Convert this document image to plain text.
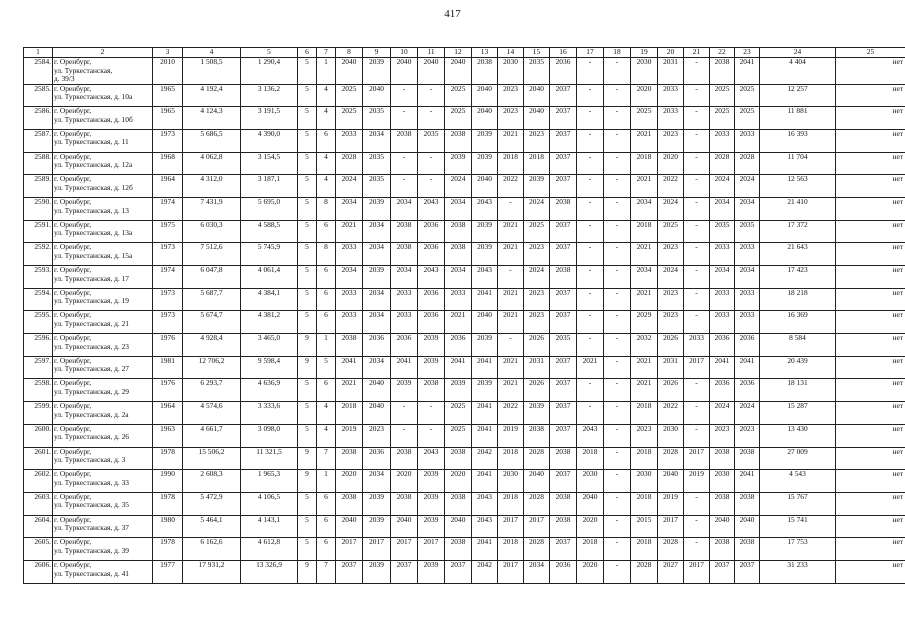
417
1	2	3	4	5	6	7	8	9	10	11	12	13	14	15	16	17	18	19	20	21	22	23	24	25
2584.	г. Оренбург,
ул. Туркестанская,
д. 39/3	2010	1 508,5	1 290,4	5	1	2040	2039	2040	2040	2040	2038	2030	2035	2036	-	-	2030	2031	-	2038	2041	4 404	нет
2585.	г. Оренбург,
ул. Туркестанская, д. 10а	1965	4 192,4	3 136,2	5	4	2025	2040	-	-	2025	2040	2023	2040	2037	-	-	2020	2033	-	2025	2025	12 257	нет
2586.	г. Оренбург,
ул. Туркестанская, д. 10б	1965	4 124,3	3 191,5	5	4	2025	2035	-	-	2025	2040	2023	2040	2037	-	-	2025	2033	-	2025	2025	11 881	нет
2587.	г. Оренбург,
ул. Туркестанская, д. 11	1973	5 686,5	4 390,0	5	6	2033	2034	2038	2035	2038	2039	2021	2023	2037	-	-	2021	2023	-	2033	2033	16 393	нет
2588.	г. Оренбург,
ул. Туркестанская, д. 12а	1968	4 062,8	3 154,5	5	4	2028	2035	-	-	2039	2039	2018	2018	2037	-	-	2018	2020	-	2028	2028	11 704	нет
2589.	г. Оренбург,
ул. Туркестанская, д. 12б	1964	4 312,0	3 187,1	5	4	2024	2035	-	-	2024	2040	2022	2039	2037	-	-	2021	2022	-	2024	2024	12 563	нет
2590.	г. Оренбург,
ул. Туркестанская, д. 13	1974	7 431,9	5 695,0	5	8	2034	2039	2034	2043	2034	2043	-	2024	2038	-	-	2034	2024	-	2034	2034	21 410	нет
2591.	г. Оренбург,
ул. Туркестанская, д. 13а	1975	6 030,3	4 588,5	5	6	2021	2034	2038	2036	2038	2039	2021	2025	2037	-	-	2018	2025	-	2035	2035	17 372	нет
2592.	г. Оренбург,
ул. Туркестанская, д. 15а	1973	7 512,6	5 745,9	5	8	2033	2034	2038	2036	2038	2039	2021	2023	2037	-	-	2021	2023	-	2033	2033	21 643	нет
2593.	г. Оренбург,
ул. Туркестанская, д. 17	1974	6 047,8	4 061,4	5	6	2034	2039	2034	2043	2034	2043	-	2024	2038	-	-	2034	2024	-	2034	2034	17 423	нет
2594.	г. Оренбург,
ул. Туркестанская, д. 19	1973	5 687,7	4 384,1	5	6	2033	2034	2033	2036	2033	2041	2021	2023	2037	-	-	2021	2023	-	2033	2033	18 218	нет
2595.	г. Оренбург,
ул. Туркестанская, д. 21	1973	5 674,7	4 381,2	5	6	2033	2034	2033	2036	2021	2040	2021	2023	2037	-	-	2029	2023	-	2033	2033	16 369	нет
2596.	г. Оренбург,
ул. Туркестанская, д. 23	1976	4 928,4	3 465,0	9	1	2038	2036	2036	2039	2036	2039	-	2026	2035	-	-	2032	2026	2033	2036	2036	8 584	нет
2597.	г. Оренбург,
ул. Туркестанская, д. 27	1981	12 706,2	9 598,4	9	5	2041	2034	2041	2039	2041	2041	2021	2031	2037	2021	-	2021	2031	2017	2041	2041	20 439	нет
2598.	г. Оренбург,
ул. Туркестанская, д. 29	1976	6 293,7	4 636,9	5	6	2021	2040	2039	2038	2039	2039	2021	2026	2037	-	-	2021	2026	-	2036	2036	18 131	нет
2599.	г. Оренбург,
ул. Туркестанская, д. 2а	1964	4 574,6	3 333,6	5	4	2018	2040	-	-	2025	2041	2022	2039	2037	-	-	2018	2022	-	2024	2024	15 287	нет
2600.	г. Оренбург,
ул. Туркестанская, д. 26	1963	4 661,7	3 098,0	5	4	2019	2023	-	-	2025	2041	2019	2038	2037	2043	-	2023	2030	-	2023	2023	13 430	нет
2601.	г. Оренбург,
ул. Туркестанская, д. 3	1978	15 506,2	11 321,5	9	7	2038	2036	2038	2043	2038	2042	2018	2028	2038	2018	-	2018	2028	2017	2038	2038	27 009	нет
2602.	г. Оренбург,
ул. Туркестанская, д. 33	1990	2 608,3	1 965,3	9	1	2020	2034	2020	2039	2020	2041	2030	2040	2037	2030	-	2030	2040	2019	2030	2041	4 543	нет
2603.	г. Оренбург,
ул. Туркестанская, д. 35	1978	5 472,9	4 106,5	5	6	2038	2039	2038	2039	2038	2043	2018	2028	2038	2040	-	2018	2019	-	2038	2038	15 767	нет
2604.	г. Оренбург,
ул. Туркестанская, д. 37	1980	5 464,1	4 143,1	5	6	2040	2039	2040	2039	2040	2043	2017	2017	2038	2020	-	2015	2017	-	2040	2040	15 741	нет
2605.	г. Оренбург,
ул. Туркестанская, д. 39	1978	6 162,6	4 612,8	5	6	2017	2017	2017	2017	2038	2041	2018	2028	2037	2018	-	2018	2028	-	2038	2038	17 753	нет
2606.	г. Оренбург,
ул. Туркестанская, д. 41	1977	17 931,2	13 326,9	9	7	2037	2039	2037	2039	2037	2042	2017	2034	2036	2020	-	2028	2027	2017	2037	2037	31 233	нет
